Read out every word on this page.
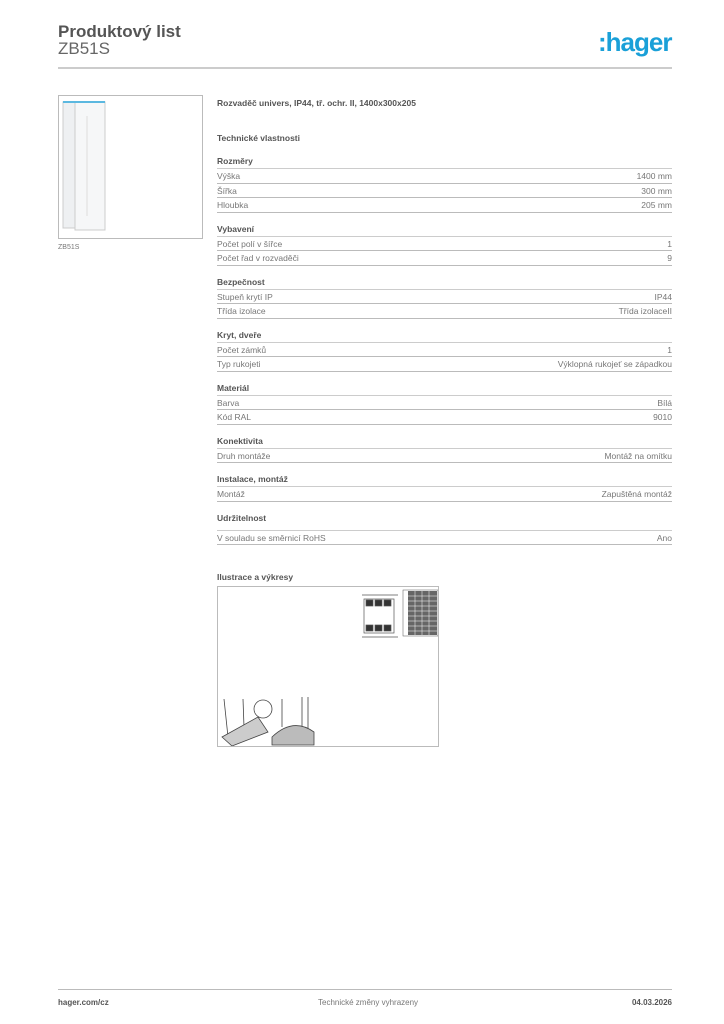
Produktový list
ZB51S	:hager
ZB51S
Rozvaděč univers, IP44, tř. ochr. II, 1400x300x205
Technické vlastnosti
Rozměry
Výška	1400 mm
Šířka	300 mm
Hloubka	205 mm
Vybavení
Počet polí v šířce	1
Počet řad v rozvaděči	9
Bezpečnost
Stupeň krytí IP	IP44
Třída izolace	Třída izolaceII
Kryt, dveře
Počet zámků	1
Typ rukojeti	Výklopná rukojeť se západkou
Materiál
Barva	Bílá
Kód RAL	9010
Konektivita
Druh montáže	Montáž na omítku
Instalace, montáž
Montáž	Zapuštěná montáž
Udržitelnost
V souladu se směrnicí RoHS	Ano
Ilustrace a výkresy
hager.com/cz	Technické změny vyhrazeny	04.03.2026
